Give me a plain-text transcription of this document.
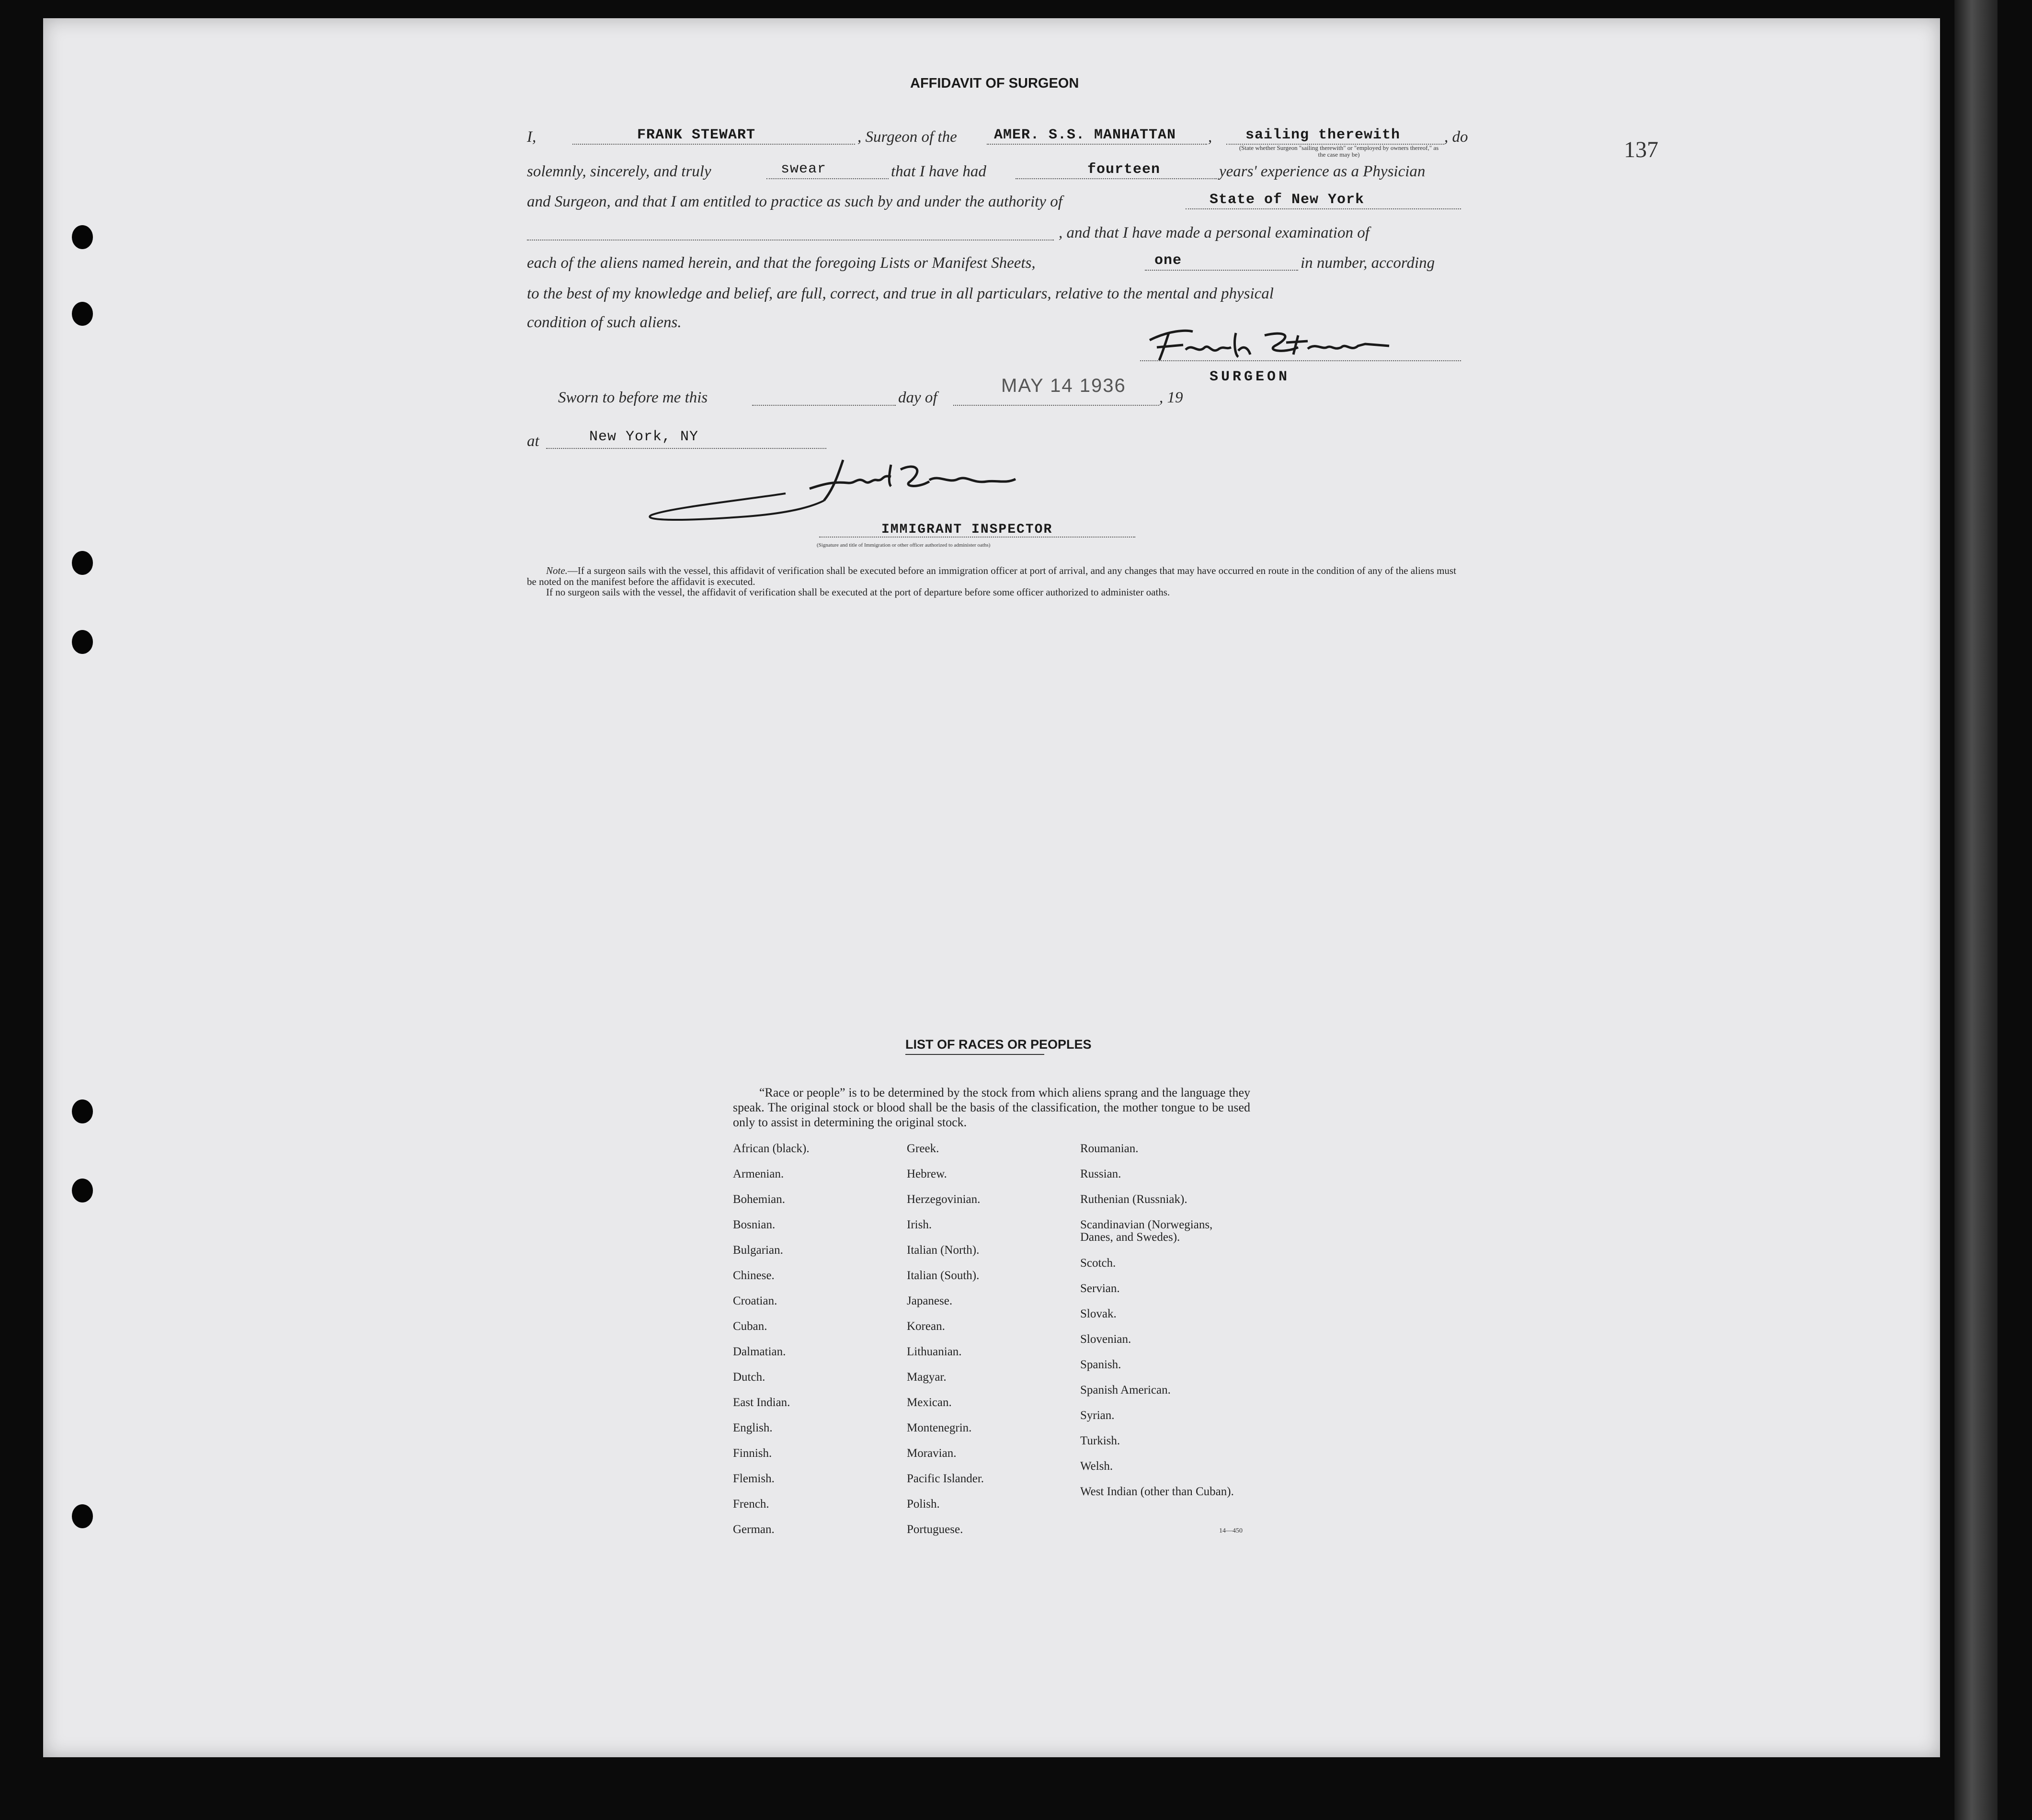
137
AFFIDAVIT OF SURGEON
I,	FRANK STEWART	, Surgeon of the	AMER. S.S. MANHATTAN , sailing therewith	, do
(State whether Surgeon "sailing therewith" or "employed by owners thereof," as the case may be)
solemnly, sincerely, and truly	swear	that I have had	fourteen	years' experience as a Physician
and Surgeon, and that I am entitled to practice as such by and under the authority of	State of New York
, and that I have made a personal examination of
each of the aliens named herein, and that the foregoing Lists or Manifest Sheets,	one	in number, according
to the best of my knowledge and belief, are full, correct, and true in all particulars, relative to the mental and physical
condition of such aliens.
SURGEON
Sworn to before me this	day of
MAY 14 1936
, 19
at	New York, NY
IMMIGRANT INSPECTOR
(Signature and title of Immigration or other officer authorized to administer oaths)
Note.—If a surgeon sails with the vessel, this affidavit of verification shall be executed before an immigration officer at port of arrival, and any changes that may have occurred en route in the condition of any of the aliens must be noted on the manifest before the affidavit is executed.
If no surgeon sails with the vessel, the affidavit of verification shall be executed at the port of departure before some officer authorized to administer oaths.
LIST OF RACES OR PEOPLES
“Race or people” is to be determined by the stock from which aliens sprang and the language they speak. The original stock or blood shall be the basis of the classification, the mother tongue to be used only to assist in determining the original stock.
African (black).
Armenian.
Bohemian.
Bosnian.
Bulgarian.
Chinese.
Croatian.
Cuban.
Dalmatian.
Dutch.
East Indian.
English.
Finnish.
Flemish.
French.
German.
Greek.
Hebrew.
Herzegovinian.
Irish.
Italian (North).
Italian (South).
Japanese.
Korean.
Lithuanian.
Magyar.
Mexican.
Montenegrin.
Moravian.
Pacific Islander.
Polish.
Portuguese.
Roumanian.
Russian.
Ruthenian (Russniak).
Scandinavian (Norwegians, Danes, and Swedes).
Scotch.
Servian.
Slovak.
Slovenian.
Spanish.
Spanish American.
Syrian.
Turkish.
Welsh.
West Indian (other than Cuban).
14—450
